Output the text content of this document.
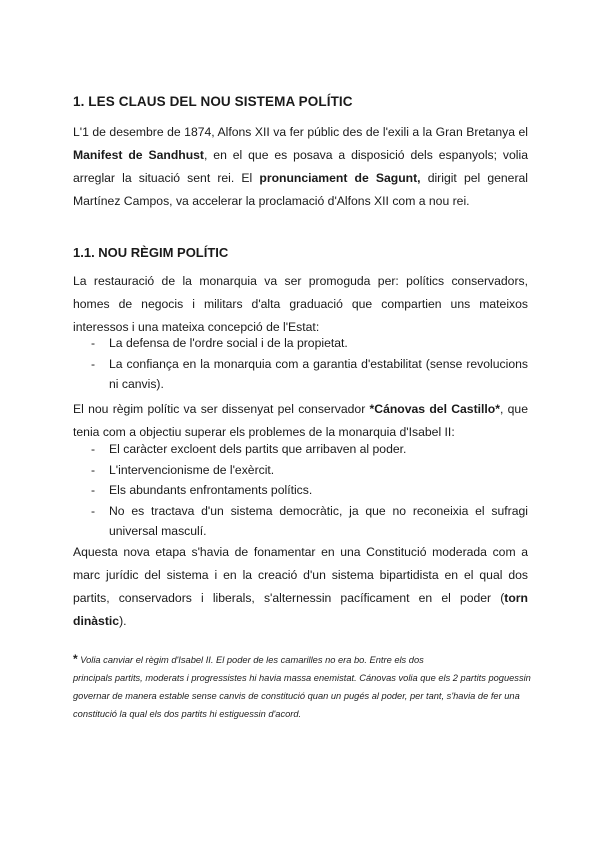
1. LES CLAUS DEL NOU SISTEMA POLÍTIC
L'1 de desembre de 1874, Alfons XII va fer públic des de l'exili a la Gran Bretanya el Manifest de Sandhust, en el que es posava a disposició dels espanyols; volia arreglar la situació sent rei. El pronunciament de Sagunt, dirigit pel general Martínez Campos, va accelerar la proclamació d'Alfons XII com a nou rei.
1.1. NOU RÈGIM POLÍTIC
La restauració de la monarquia va ser promoguda per: polítics conservadors, homes de negocis i militars d'alta graduació que compartien uns mateixos interessos i una mateixa concepció de l'Estat:
- La defensa de l'ordre social i de la propietat.
- La confiança en la monarquia com a garantia d'estabilitat (sense revolucions ni canvis).
El nou règim polític va ser dissenyat pel conservador *Cánovas del Castillo*, que tenia com a objectiu superar els problemes de la monarquia d'Isabel II:
- El caràcter excloent dels partits que arribaven al poder.
- L'intervencionisme de l'exèrcit.
- Els abundants enfrontaments polítics.
- No es tractava d'un sistema democràtic, ja que no reconeixia el sufragi universal masculí.
Aquesta nova etapa s'havia de fonamentar en una Constitució moderada com a marc jurídic del sistema i en la creació d'un sistema bipartidista en el qual dos partits, conservadors i liberals, s'alternessin pacíficament en el poder (torn dinàstic).
* Volia canviar el règim d'Isabel II. El poder de les camarilles no era bo. Entre els dos
principals partits, moderats i progressistes hi havia massa enemistat. Cánovas volia que els 2 partits poguessin governar de manera estable sense canvis de constitució quan un pugés al poder, per tant, s'havia de fer una constitució la qual els dos partits hi estiguessin d'acord.
